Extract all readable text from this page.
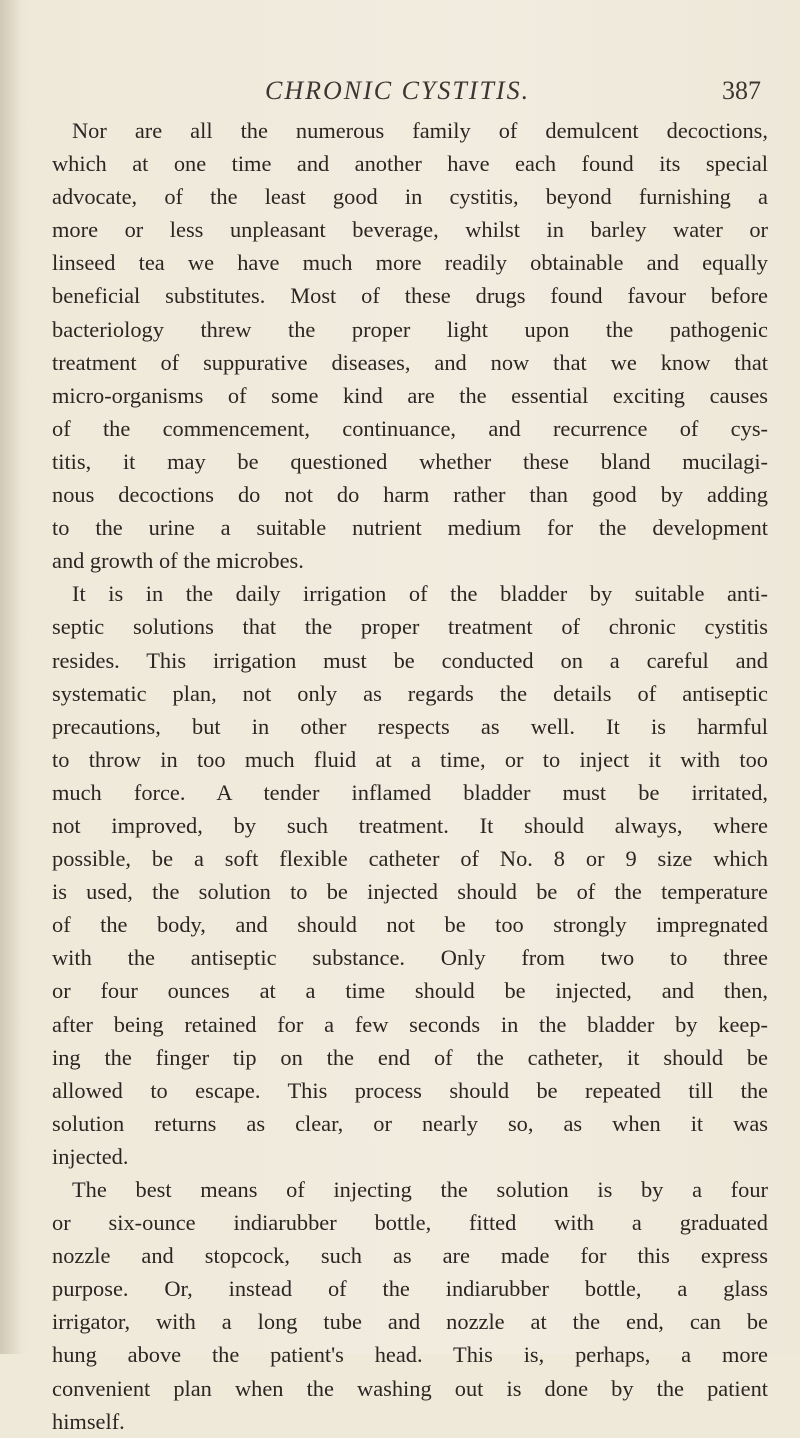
CHRONIC CYSTITIS.	387
Nor are all the numerous family of demulcent decoctions,
which at one time and another have each found its special
advocate, of the least good in cystitis, beyond furnishing a
more or less unpleasant beverage, whilst in barley water or
linseed tea we have much more readily obtainable and equally
beneficial substitutes. Most of these drugs found favour before
bacteriology threw the proper light upon the pathogenic
treatment of suppurative diseases, and now that we know that
micro-organisms of some kind are the essential exciting causes
of the commencement, continuance, and recurrence of cys-
titis, it may be questioned whether these bland mucilagi-
nous decoctions do not do harm rather than good by adding
to the urine a suitable nutrient medium for the development
and growth of the microbes.
It is in the daily irrigation of the bladder by suitable anti-
septic solutions that the proper treatment of chronic cystitis
resides. This irrigation must be conducted on a careful and
systematic plan, not only as regards the details of antiseptic
precautions, but in other respects as well. It is harmful
to throw in too much fluid at a time, or to inject it with too
much force. A tender inflamed bladder must be irritated,
not improved, by such treatment. It should always, where
possible, be a soft flexible catheter of No. 8 or 9 size which
is used, the solution to be injected should be of the temperature
of the body, and should not be too strongly impregnated
with the antiseptic substance. Only from two to three
or four ounces at a time should be injected, and then,
after being retained for a few seconds in the bladder by keep-
ing the finger tip on the end of the catheter, it should be
allowed to escape. This process should be repeated till the
solution returns as clear, or nearly so, as when it was
injected.
The best means of injecting the solution is by a four
or six-ounce indiarubber bottle, fitted with a graduated
nozzle and stopcock, such as are made for this express
purpose. Or, instead of the indiarubber bottle, a glass
irrigator, with a long tube and nozzle at the end, can be
hung above the patient's head. This is, perhaps, a more
convenient plan when the washing out is done by the patient
himself.
